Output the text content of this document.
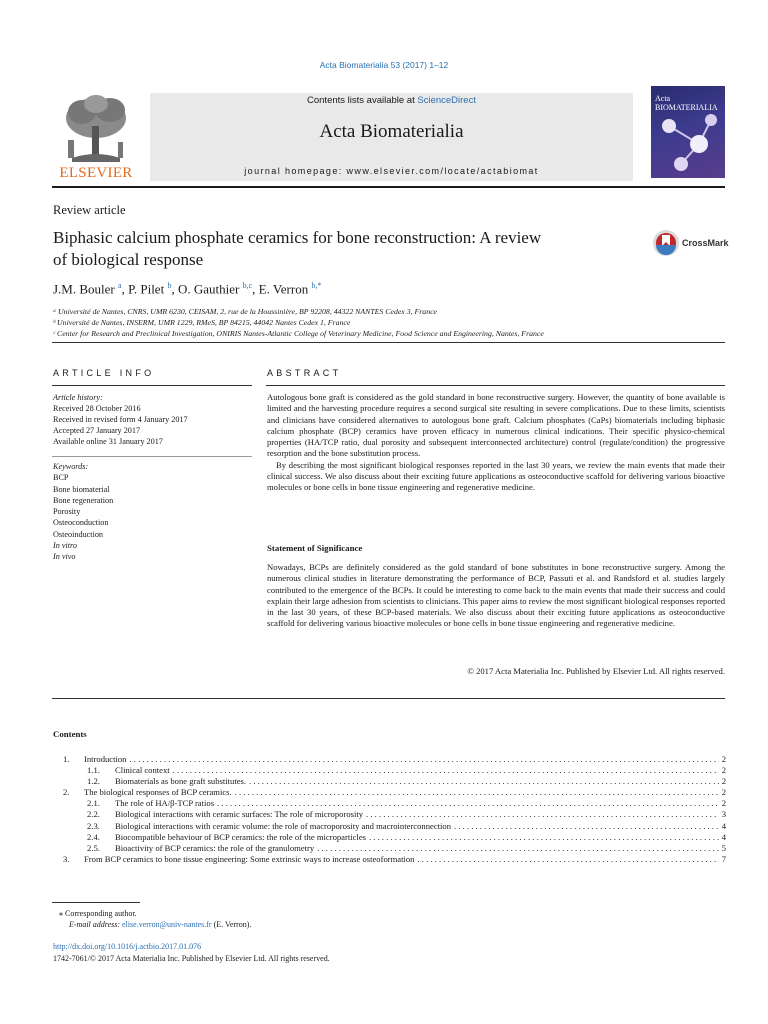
Acta Biomaterialia 53 (2017) 1–12
ELSEVIER
Contents lists available at ScienceDirect
Acta Biomaterialia
journal homepage: www.elsevier.com/locate/actabiomat
Acta BIOMATERIALIA
Review article
Biphasic calcium phosphate ceramics for bone reconstruction: A review
of biological response
CrossMark
J.M. Bouler $^a$, P. Pilet $^b$, O. Gauthier $^{b,c}$, E. Verron $^{b,*}$
ᵃ Université de Nantes, CNRS, UMR 6230, CEISAM, 2, rue de la Houssinière, BP 92208, 44322 NANTES Cedex 3, France
ᵇ Université de Nantes, INSERM, UMR 1229, RMeS, BP 84215, 44042 Nantes Cedex 1, France
ᶜ Center for Research and Preclinical Investigation, ONIRIS Nantes-Atlantic College of Veterinary Medicine, Food Science and Engineering, Nantes, France
ARTICLE INFO
Article history:
Received 28 October 2016
Received in revised form 4 January 2017
Accepted 27 January 2017
Available online 31 January 2017
Keywords:
BCP
Bone biomaterial
Bone regeneration
Porosity
Osteoconduction
Osteoinduction
In vitro
In vivo
ABSTRACT

Autologous bone graft is considered as the gold standard in bone reconstructive surgery. However, the quantity of bone available is limited and the harvesting procedure requires a second surgical site resulting in severe complications. Due to these limits, scientists and clinicians have considered alternatives to autologous bone graft. Calcium phosphates (CaPs) biomaterials including biphasic calcium phosphate (BCP) ceramics have proven efficacy in numerous clinical indications. Their specific physico-chemical properties (HA/TCP ratio, dual porosity and subsequent interconnected architecture) control (regulate/condition) the progressive resorption and the bone substitution process.

By describing the most significant biological responses reported in the last 30 years, we review the main events that made their clinical success. We also discuss about their exciting future applications as osteoconductive scaffold for delivering various bioactive molecules or bone cells in bone tissue engineering and regenerative medicine.

Statement of Significance
Nowadays, BCPs are definitely considered as the gold standard of bone substitutes in bone reconstructive surgery. Among the numerous clinical studies in literature demonstrating the performance of BCP, Passuti et al. and Randsford et al. studies largely contributed to the emergence of the BCPs. It could be interesting to come back to the main events that made their success and could explain their large adhesion from scientists to clinicians. This paper aims to review the most significant biological responses reported in the last 30 years, of these BCP-based materials. We also discuss about their exciting future applications as osteoconductive scaffold for delivering various bioactive molecules or bone cells in bone tissue engineering and regenerative medicine.
© 2017 Acta Materialia Inc. Published by Elsevier Ltd. All rights reserved.
Contents
1.	Introduction . . .	2
1.1.	Clinical context . . .	2
1.2.	Biomaterials as bone graft substitutes. . . .	2
2.	The biological responses of BCP ceramics. . . .	2
2.1.	The role of HA/β-TCP ratios . . .	2
2.2.	Biological interactions with ceramic surfaces: The role of microporosity . . .	3
2.3.	Biological interactions with ceramic volume: the role of macroporosity and macrointerconnection . . .	4
2.4.	Biocompatible behaviour of BCP ceramics: the role of the microparticles . . .	4
2.5.	Bioactivity of BCP ceramics: the role of the granulometry . . .	5
3.	From BCP ceramics to bone tissue engineering: Some extrinsic ways to increase osteoformation . . .	7
⁎ Corresponding author.
E-mail address: elise.verron@univ-nantes.fr (E. Verron).
http://dx.doi.org/10.1016/j.actbio.2017.01.076
1742-7061/© 2017 Acta Materialia Inc. Published by Elsevier Ltd. All rights reserved.
